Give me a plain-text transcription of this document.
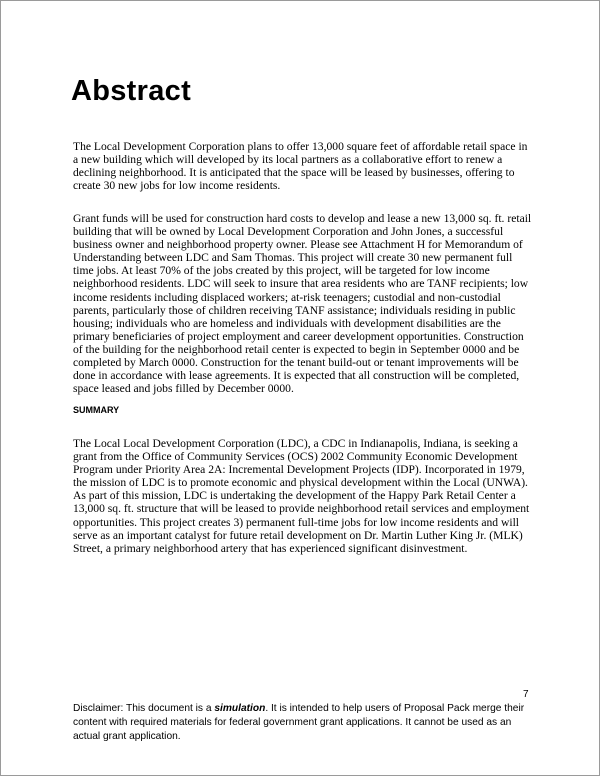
Abstract

The Local Development Corporation plans to offer 13,000 square feet of affordable retail space in a new building which will developed by its local partners as a collaborative effort to renew a declining neighborhood. It is anticipated that the space will be leased by businesses, offering to create 30 new jobs for low income residents.

Grant funds will be used for construction hard costs to develop and lease a new 13,000 sq. ft. retail building that will be owned by Local Development Corporation and John Jones, a successful business owner and neighborhood property owner. Please see Attachment H for Memorandum of Understanding between LDC and Sam Thomas. This project will create 30 new permanent full time jobs. At least 70% of the jobs created by this project, will be targeted for low income neighborhood residents. LDC will seek to insure that area residents who are TANF recipients; low income residents including displaced workers; at-risk teenagers; custodial and non-custodial parents, particularly those of children receiving TANF assistance; individuals residing in public housing; individuals who are homeless and individuals with development disabilities are the primary beneficiaries of project employment and career development opportunities. Construction of the building for the neighborhood retail center is expected to begin in September 0000 and be completed by March 0000. Construction for the tenant build-out or tenant improvements will be done in accordance with lease agreements. It is expected that all construction will be completed, space leased and jobs filled by December 0000.

SUMMARY

The Local Local Development Corporation (LDC), a CDC in Indianapolis, Indiana, is seeking a grant from the Office of Community Services (OCS) 2002 Community Economic Development Program under Priority Area 2A: Incremental Development Projects (IDP). Incorporated in 1979, the mission of LDC is to promote economic and physical development within the Local (UNWA). As part of this mission, LDC is undertaking the development of the Happy Park Retail Center a 13,000 sq. ft. structure that will be leased to provide neighborhood retail services and employment opportunities. This project creates 3) permanent full-time jobs for low income residents and will serve as an important catalyst for future retail development on Dr. Martin Luther King Jr. (MLK) Street, a primary neighborhood artery that has experienced significant disinvestment.

7

Disclaimer: This document is a simulation. It is intended to help users of Proposal Pack merge their content with required materials for federal government grant applications. It cannot be used as an actual grant application.
